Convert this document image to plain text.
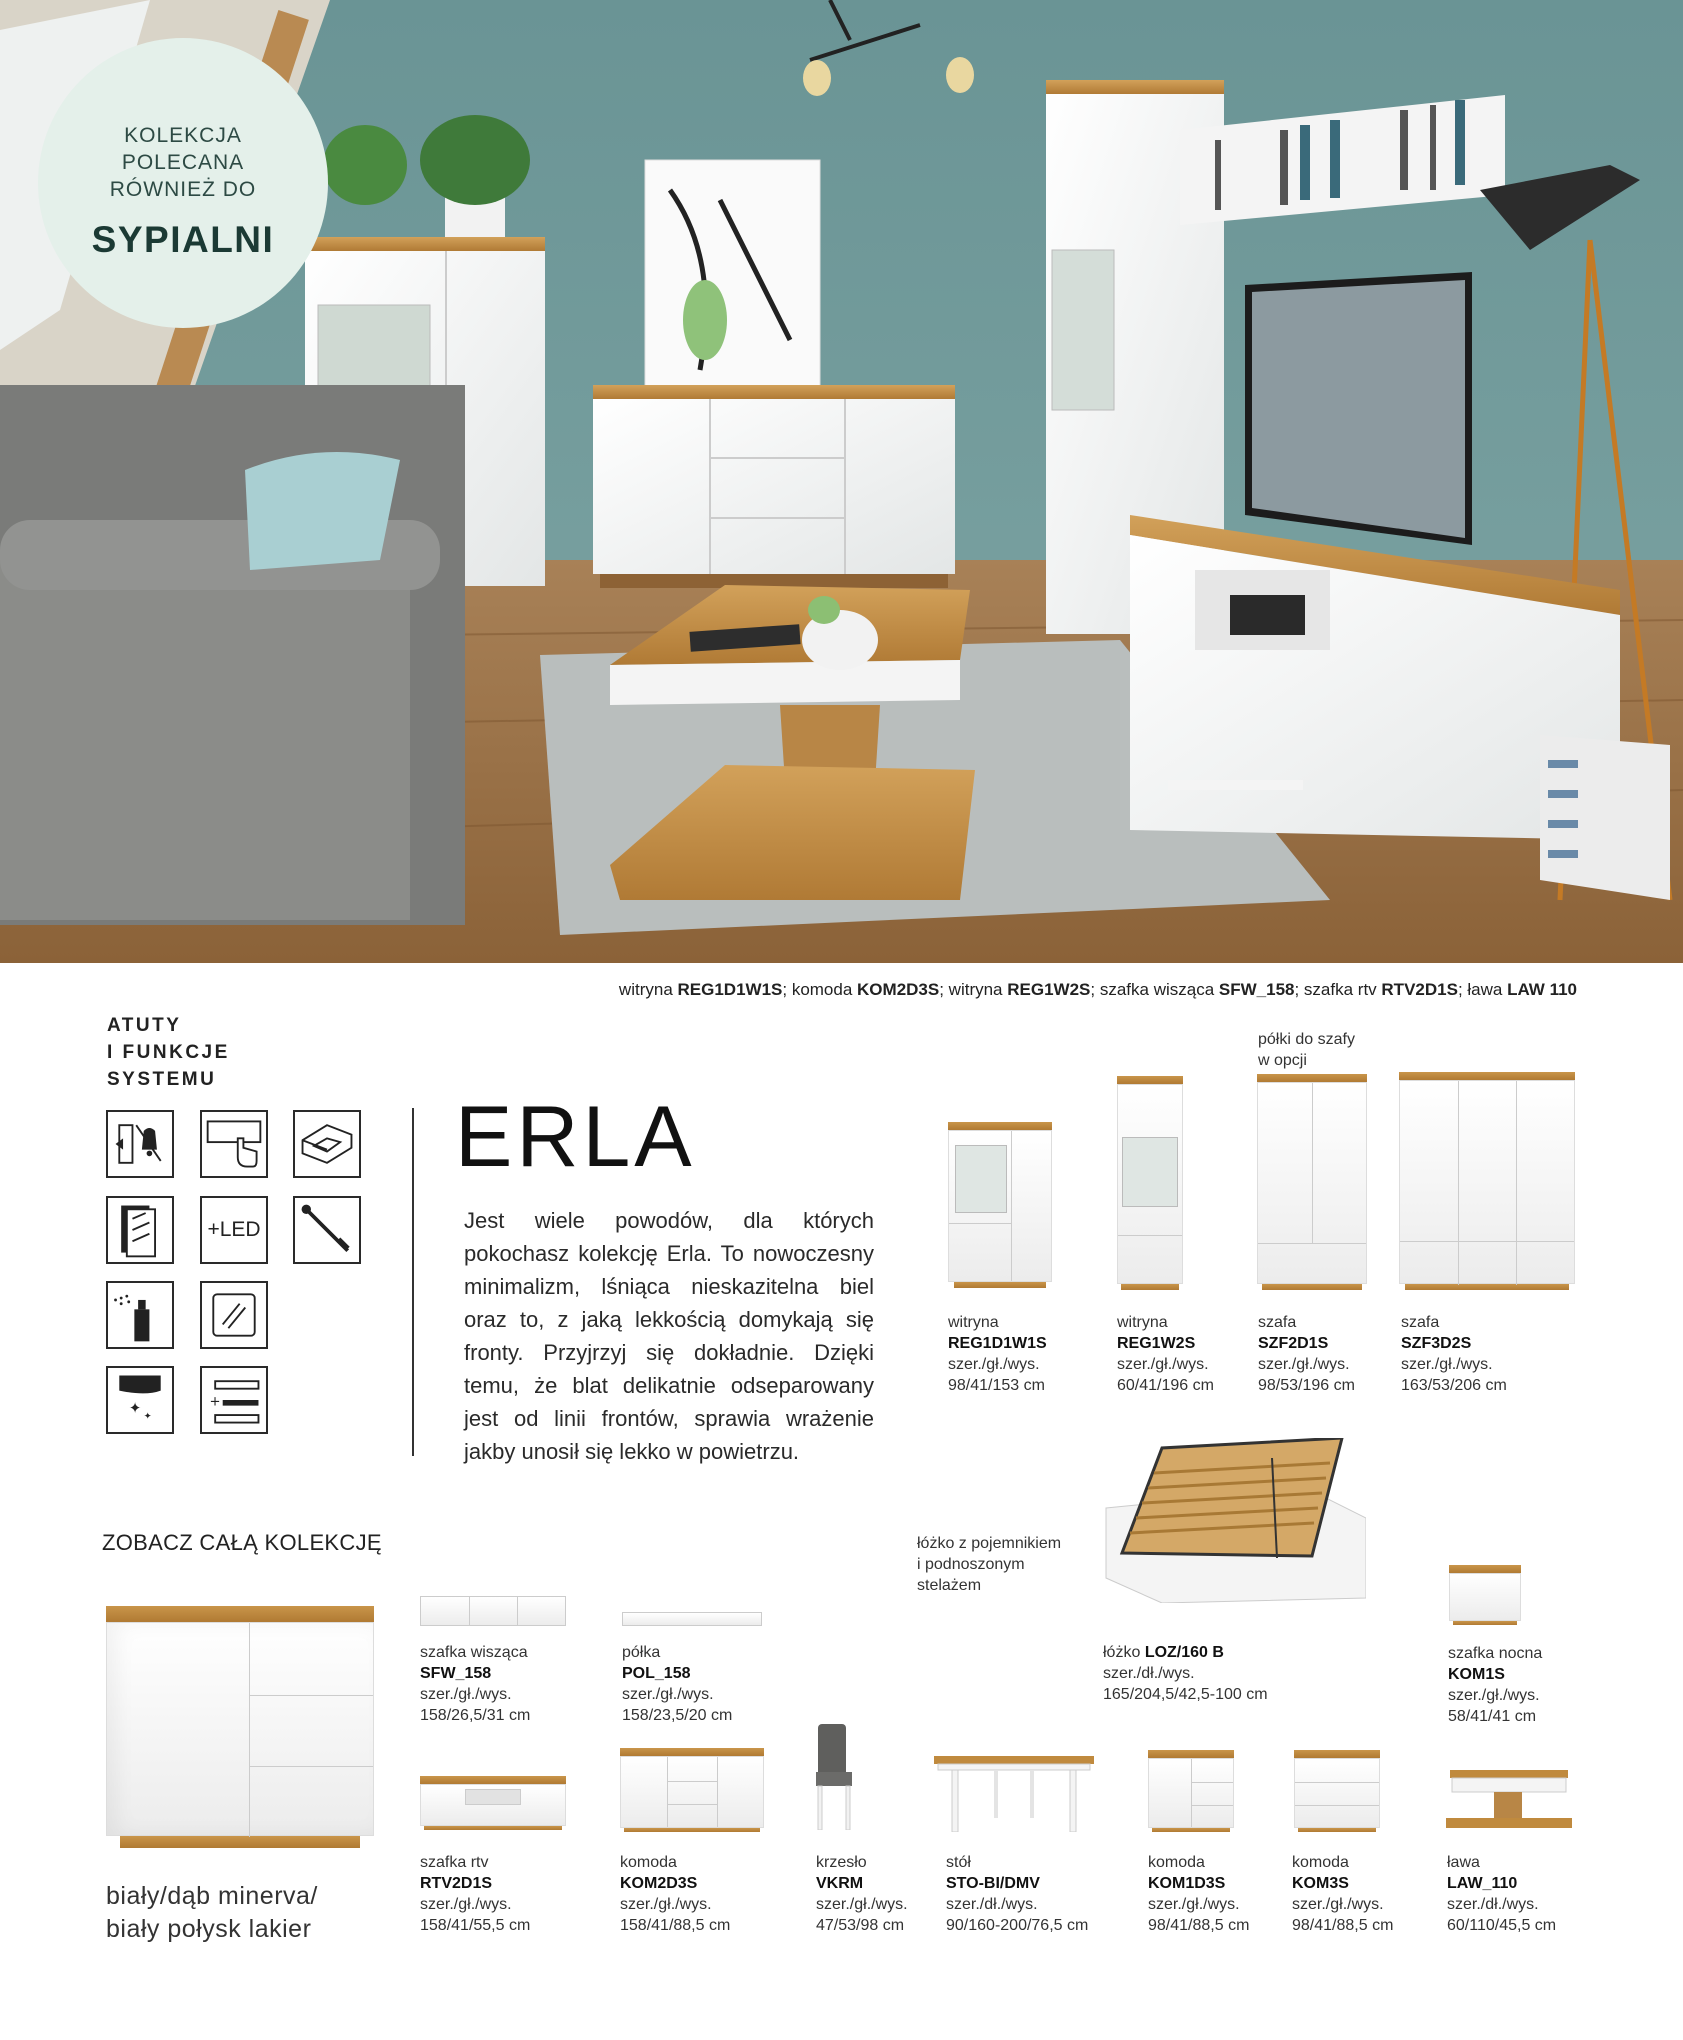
KOLEKCJA
POLECANA
RÓWNIEŻ DO
SYPIALNI
witryna REG1D1W1S; komoda KOM2D3S; witryna REG1W2S; szafka wisząca SFW_158; szafka rtv RTV2D1S; ława LAW 110
ATUTY
I FUNKCJE
SYSTEMU
+LED
✦ ✦
+
ERLA
Jest wiele powodów, dla których pokochasz kolekcję Erla. To nowoczesny minimalizm, lśniąca nieskazitelna biel oraz to, z jaką lekkością domykają się fronty. Przyjrzyj się dokładnie. Dzięki temu, że blat delikatnie odseparowany jest od linii frontów, sprawia wrażenie jakby unosił się lekko w powietrzu.
półki do szafy
w opcji
witryna
REG1D1W1S
szer./gł./wys.
98/41/153 cm
witryna
REG1W2S
szer./gł./wys.
60/41/196 cm
szafa
SZF2D1S
szer./gł./wys.
98/53/196 cm
szafa
SZF3D2S
szer./gł./wys.
163/53/206 cm
łóżko z pojemnikiem
i podnoszonym
stelażem
ZOBACZ CAŁĄ KOLEKCJĘ
szafka wisząca
SFW_158
szer./gł./wys.
158/26,5/31 cm
półka
POL_158
szer./gł./wys.
158/23,5/20 cm
łóżko LOZ/160 B
szer./dł./wys.
165/204,5/42,5-100 cm
szafka nocna
KOM1S
szer./gł./wys.
58/41/41 cm
szafka rtv
RTV2D1S
szer./gł./wys.
158/41/55,5 cm
komoda
KOM2D3S
szer./gł./wys.
158/41/88,5 cm
krzesło
VKRM
szer./gł./wys.
47/53/98 cm
stół
STO-BI/DMV
szer./dł./wys.
90/160-200/76,5 cm
komoda
KOM1D3S
szer./gł./wys.
98/41/88,5 cm
komoda
KOM3S
szer./gł./wys.
98/41/88,5 cm
ława
LAW_110
szer./dł./wys.
60/110/45,5 cm
biały/dąb minerva/
biały połysk lakier
